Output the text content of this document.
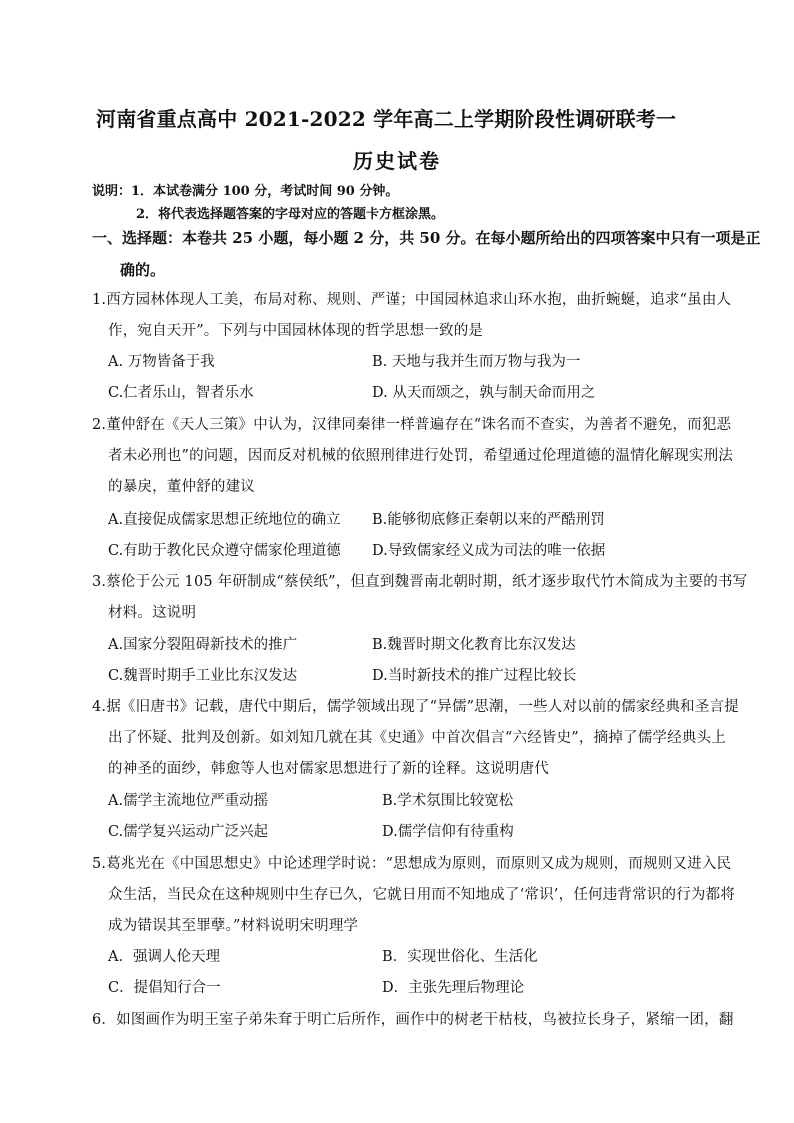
河南省重点高中 2021-2022 学年高二上学期阶段性调研联考一
历史试卷
说明：1．本试卷满分 100 分，考试时间 90 分钟。
2．将代表选择题答案的字母对应的答题卡方框涂黑。
一、选择题：本卷共 25 小题，每小题 2 分，共 50 分。在每小题所给出的四项答案中只有一项是正
确的。
1.西方园林体现人工美，布局对称、规则、严谨；中国园林追求山环水抱，曲折蜿蜒，追求“虽由人
作，宛自天开”。下列与中国园林体现的哲学思想一致的是
A. 万物皆备于我	B. 天地与我并生而万物与我为一
C.仁者乐山，智者乐水	D. 从天而颂之，孰与制天命而用之
2.董仲舒在《天人三策》中认为，汉律同秦律一样普遍存在“诛名而不查实，为善者不避免，而犯恶
者未必刑也”的问题，因而反对机械的依照刑律进行处罚，希望通过伦理道德的温情化解现实刑法
的暴戾，董仲舒的建议
A.直接促成儒家思想正统地位的确立 B.能够彻底修正秦朝以来的严酷刑罚
C.有助于教化民众遵守儒家伦理道德 D.导致儒家经义成为司法的唯一依据
3.蔡伦于公元 105 年研制成“蔡侯纸”，但直到魏晋南北朝时期，纸才逐步取代竹木简成为主要的书写
材料。这说明
A.国家分裂阻碍新技术的推广	B.魏晋时期文化教育比东汉发达
C.魏晋时期手工业比东汉发达	D.当时新技术的推广过程比较长
4.据《旧唐书》记载，唐代中期后，儒学领域出现了“异儒”思潮，一些人对以前的儒家经典和圣言提
出了怀疑、批判及创新。如刘知几就在其《史通》中首次倡言“六经皆史”，摘掉了儒学经典头上
的神圣的面纱，韩愈等人也对儒家思想进行了新的诠释。这说明唐代
A.儒学主流地位严重动摇	B.学术氛围比较宽松
C.儒学复兴运动广泛兴起	D.儒学信仰有待重构
5.葛兆光在《中国思想史》中论述理学时说：“思想成为原则，而原则又成为规则，而规则又进入民
众生活，当民众在这种规则中生存已久，它就日用而不知地成了‘常识’，任何违背常识的行为都将
成为错误其至罪孽。”材料说明宋明理学
A．强调人伦天理	B．实现世俗化、生活化
C．提倡知行合一	D．主张先理后物理论
6．如图画作为明王室子弟朱耷于明亡后所作，画作中的树老干枯枝，鸟被拉长身子，紧缩一团，翻
